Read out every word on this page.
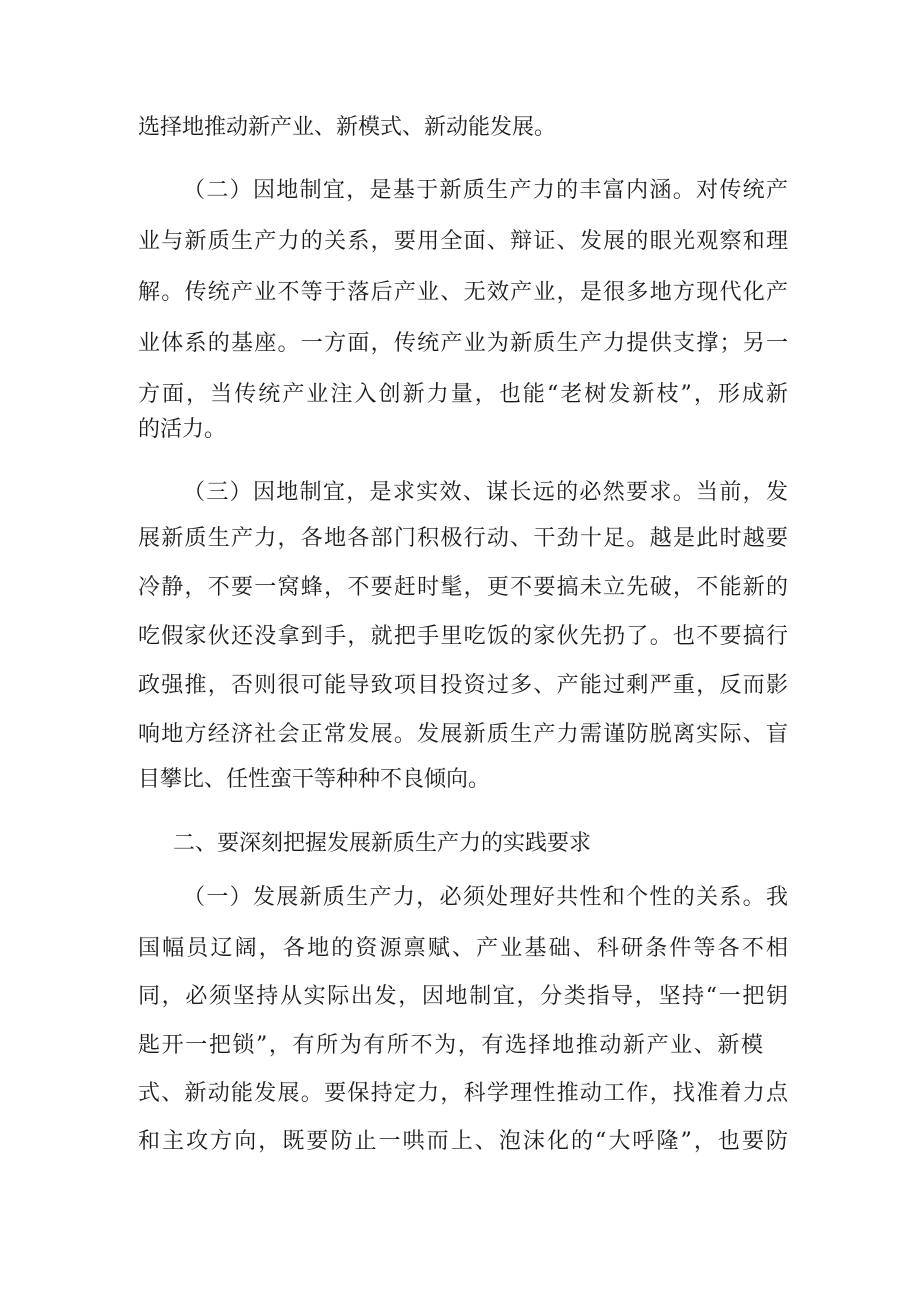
选择地推动新产业、新模式、新动能发展。
（二）因地制宜，是基于新质生产力的丰富内涵。对传统产
业与新质生产力的关系，要用全面、辩证、发展的眼光观察和理
解。传统产业不等于落后产业、无效产业，是很多地方现代化产
业体系的基座。一方面，传统产业为新质生产力提供支撑；另一
方面，当传统产业注入创新力量，也能“老树发新枝”，形成新
的活力。
（三）因地制宜，是求实效、谋长远的必然要求。当前，发
展新质生产力，各地各部门积极行动、干劲十足。越是此时越要
冷静，不要一窝蜂，不要赶时髦，更不要搞未立先破，不能新的
吃假家伙还没拿到手，就把手里吃饭的家伙先扔了。也不要搞行
政强推，否则很可能导致项目投资过多、产能过剩严重，反而影
响地方经济社会正常发展。发展新质生产力需谨防脱离实际、盲
目攀比、任性蛮干等种种不良倾向。
二、要深刻把握发展新质生产力的实践要求
（一）发展新质生产力，必须处理好共性和个性的关系。我
国幅员辽阔，各地的资源禀赋、产业基础、科研条件等各不相
同，必须坚持从实际出发，因地制宜，分类指导，坚持“一把钥
匙开一把锁”，有所为有所不为，有选择地推动新产业、新模
式、新动能发展。要保持定力，科学理性推动工作，找准着力点
和主攻方向，既要防止一哄而上、泡沫化的“大呼隆”，也要防
